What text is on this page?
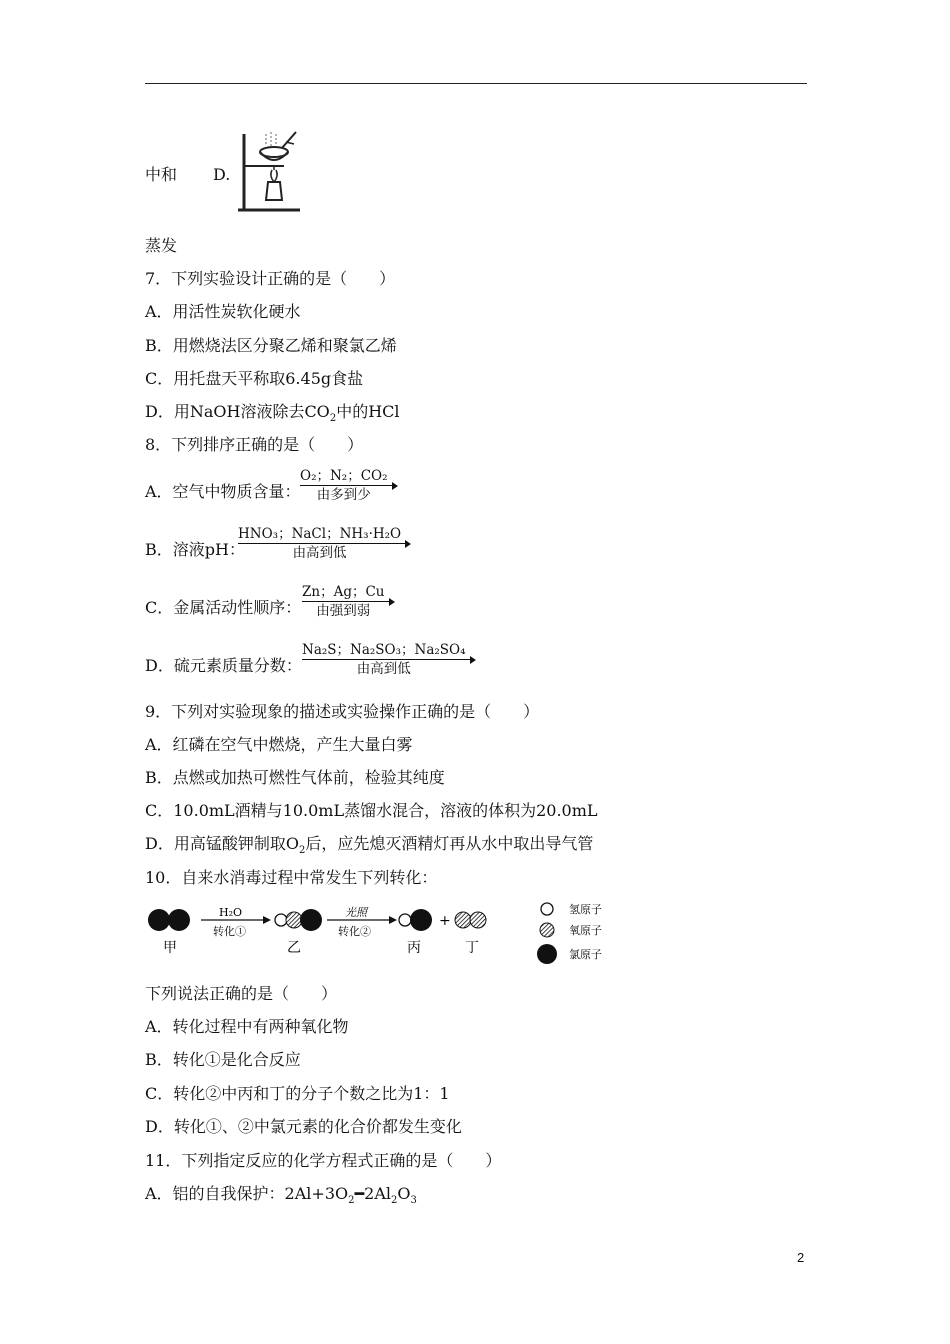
中和 D.
蒸发
7．下列实验设计正确的是（　　）
A．用活性炭软化硬水
B．用燃烧法区分聚乙烯和聚氯乙烯
C．用托盘天平称取6.45g食盐
D．用NaOH溶液除去$CO_2$中的HCl
8．下列排序正确的是（　　）
A．空气中物质含量：
O₂；N₂；CO₂
由多到少
B．溶液pH：
HNO₃；NaCl；NH₃·H₂O
由高到低
C．金属活动性顺序：
Zn；Ag；Cu
由强到弱
D．硫元素质量分数：
Na₂S；Na₂SO₃；Na₂SO₄
由高到低
9．下列对实验现象的描述或实验操作正确的是（　　）
A．红磷在空气中燃烧，产生大量白雾
B．点燃或加热可燃性气体前，检验其纯度
C．10.0mL酒精与10.0mL蒸馏水混合，溶液的体积为20.0mL
D．用高锰酸钾制取$O_2$后，应先熄灭酒精灯再从水中取出导气管
10．自来水消毒过程中常发生下列转化：
甲
H₂O
转化①
乙
光照
转化②
丙
+
丁
氢原子
氧原子
氯原子
下列说法正确的是（　　）
A．转化过程中有两种氧化物
B．转化①是化合反应
C．转化②中丙和丁的分子个数之比为1：1
D．转化①、②中氯元素的化合价都发生变化
11．下列指定反应的化学方程式正确的是（　　）
A．铝的自我保护：$2Al+3O_2━2Al_2O_3$
2
